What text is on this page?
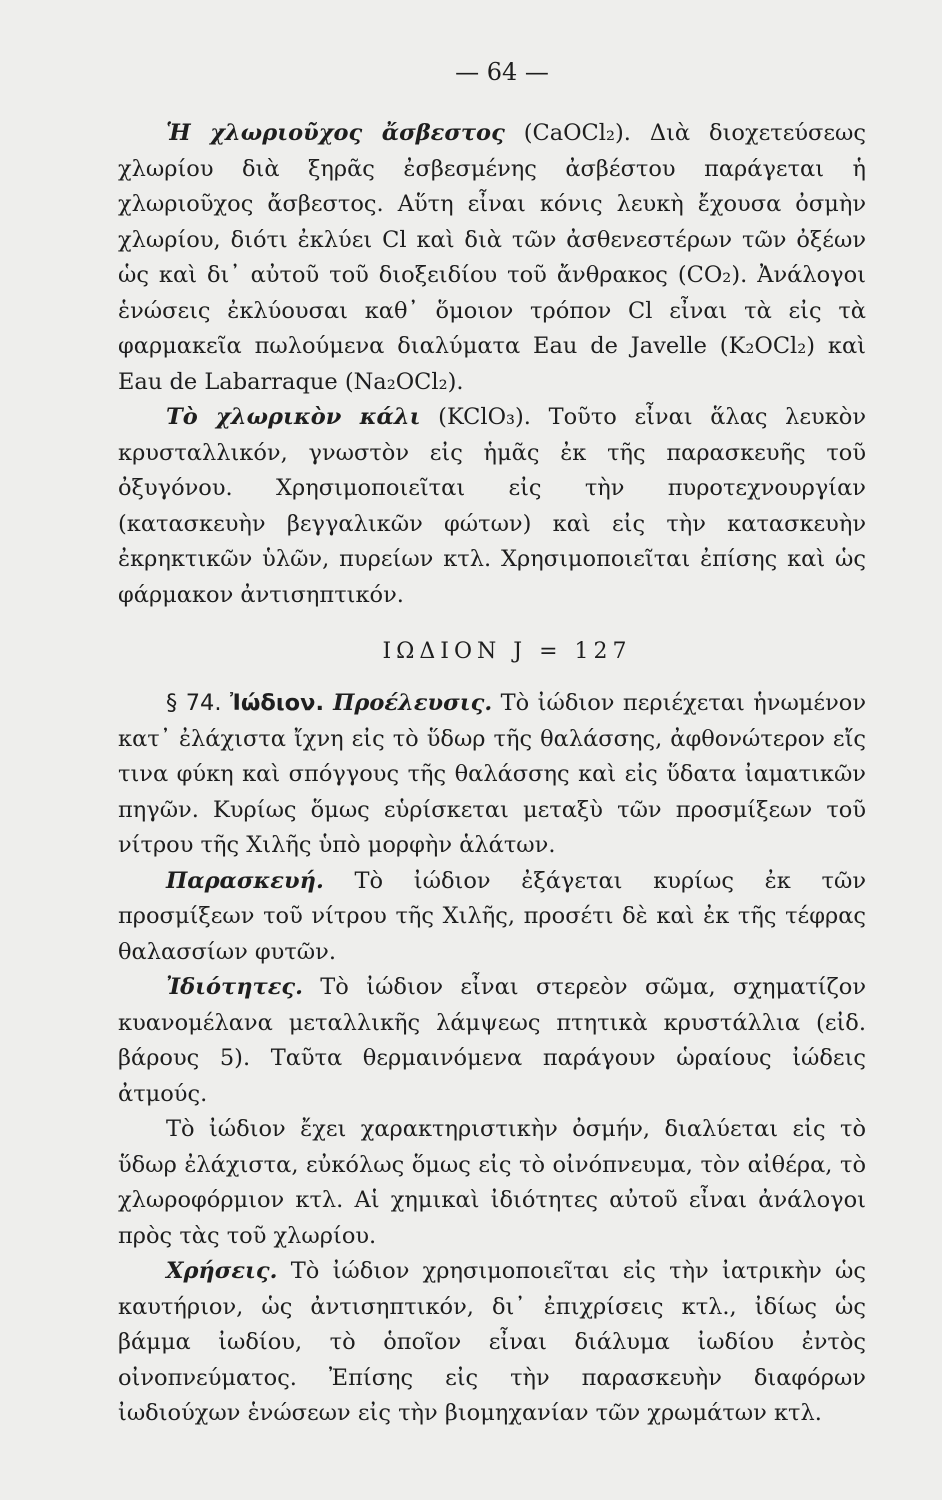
— 64 —

Ἡ χλωριοῦχος ἄσβεστος (CaOCl₂). Διὰ διοχετεύσεως χλωρίου διὰ ξηρᾶς ἐσβεσμένης ἀσβέστου παράγεται ἡ χλωριοῦχος ἄσβεστος. Αὕτη εἶναι κόνις λευκὴ ἔχουσα ὀσμὴν χλωρίου, διότι ἐκλύει Cl καὶ διὰ τῶν ἀσθενεστέρων τῶν ὀξέων ὡς καὶ δι᾿ αὐτοῦ τοῦ διοξειδίου τοῦ ἄνθρακος (CO₂). Ἀνάλογοι ἑνώσεις ἐκλύουσαι καθ᾿ ὅμοιον τρόπον Cl εἶναι τὰ εἰς τὰ φαρμακεῖα πωλούμενα διαλύματα Eau de Javelle (K₂OCl₂) καὶ Eau de Labarraque (Na₂OCl₂).

Τὸ χλωρικὸν κάλι (KClO₃). Τοῦτο εἶναι ἅλας λευκὸν κρυσταλλικόν, γνωστὸν εἰς ἡμᾶς ἐκ τῆς παρασκευῆς τοῦ ὀξυγόνου. Χρησιμοποιεῖται εἰς τὴν πυροτεχνουργίαν (κατασκευὴν βεγγαλικῶν φώτων) καὶ εἰς τὴν κατασκευὴν ἐκρηκτικῶν ὑλῶν, πυρείων κτλ. Χρησιμοποιεῖται ἐπίσης καὶ ὡς φάρμακον ἀντισηπτικόν.

ΙΩΔΙΟΝ J = 127

§ 74. Ἰώδιον. Προέλευσις. Τὸ ἰώδιον περιέχεται ἡνωμένον κατ᾿ ἐλάχιστα ἴχνη εἰς τὸ ὕδωρ τῆς θαλάσσης, ἀφθονώτερον εἴς τινα φύκη καὶ σπόγγους τῆς θαλάσσης καὶ εἰς ὕδατα ἰαματικῶν πηγῶν. Κυρίως ὅμως εὑρίσκεται μεταξὺ τῶν προσμίξεων τοῦ νίτρου τῆς Χιλῆς ὑπὸ μορφὴν ἁλάτων.

Παρασκευή. Τὸ ἰώδιον ἐξάγεται κυρίως ἐκ τῶν προσμίξεων τοῦ νίτρου τῆς Χιλῆς, προσέτι δὲ καὶ ἐκ τῆς τέφρας θαλασσίων φυτῶν.

Ἰδιότητες. Τὸ ἰώδιον εἶναι στερεὸν σῶμα, σχηματίζον κυανομέλανα μεταλλικῆς λάμψεως πτητικὰ κρυστάλλια (εἰδ. βάρους 5). Ταῦτα θερμαινόμενα παράγουν ὡραίους ἰώδεις ἀτμούς.

Τὸ ἰώδιον ἔχει χαρακτηριστικὴν ὀσμήν, διαλύεται εἰς τὸ ὕδωρ ἐλάχιστα, εὐκόλως ὅμως εἰς τὸ οἰνόπνευμα, τὸν αἰθέρα, τὸ χλωροφόρμιον κτλ. Αἱ χημικαὶ ἰδιότητες αὐτοῦ εἶναι ἀνάλογοι πρὸς τὰς τοῦ χλωρίου.

Χρήσεις. Τὸ ἰώδιον χρησιμοποιεῖται εἰς τὴν ἰατρικὴν ὡς καυτήριον, ὡς ἀντισηπτικόν, δι᾿ ἐπιχρίσεις κτλ., ἰδίως ὡς βάμμα ἰωδίου, τὸ ὁποῖον εἶναι διάλυμα ἰωδίου ἐντὸς οἰνοπνεύματος. Ἐπίσης εἰς τὴν παρασκευὴν διαφόρων ἰωδιούχων ἑνώσεων εἰς τὴν βιομηχανίαν τῶν χρωμάτων κτλ.
